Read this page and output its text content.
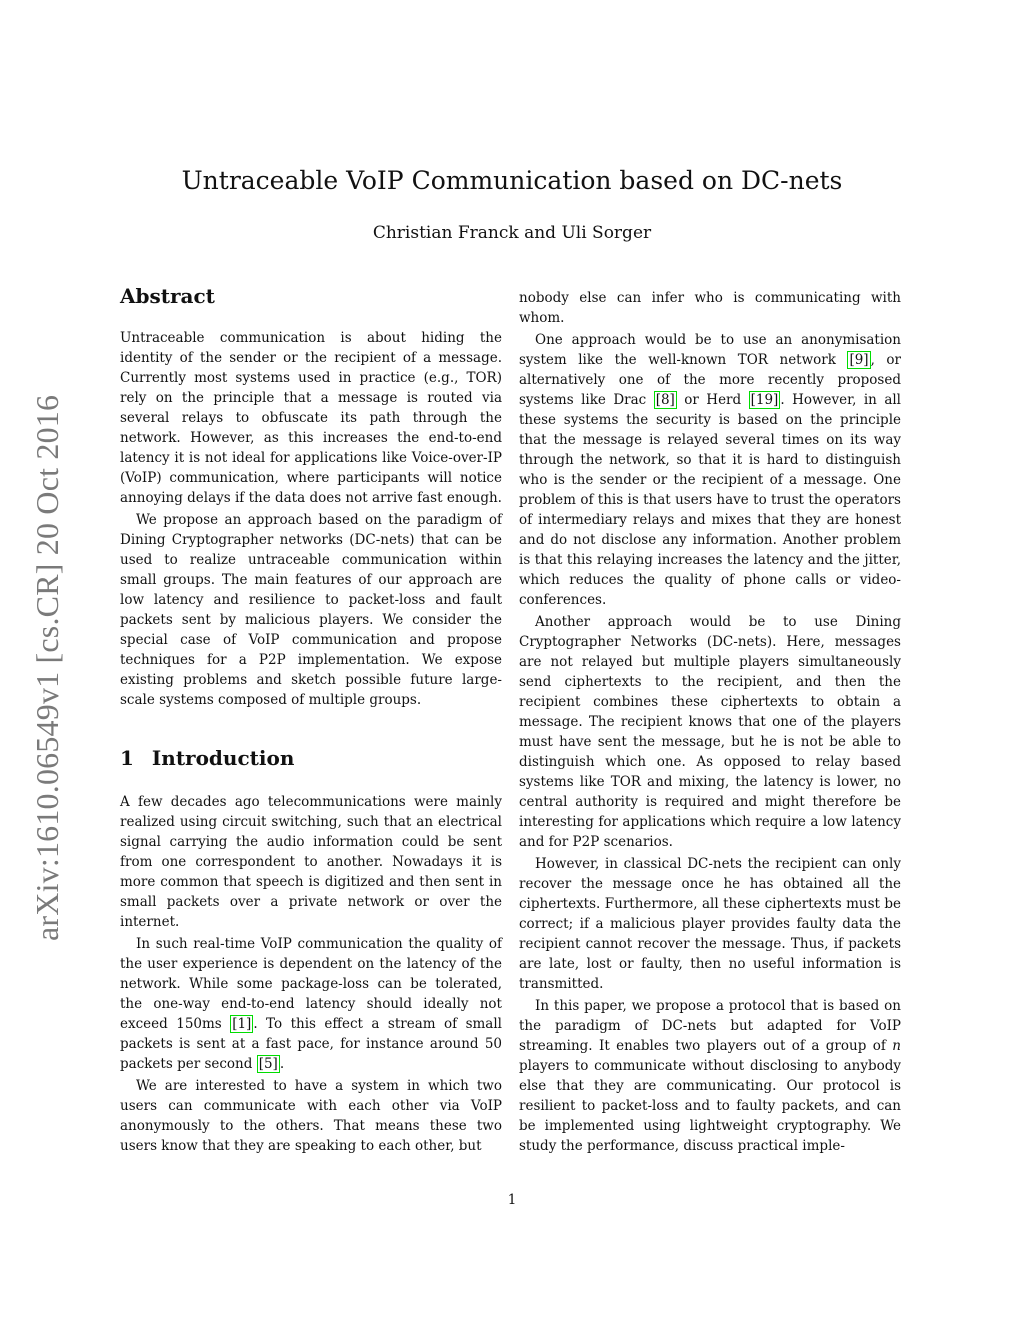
arXiv:1610.06549v1 [cs.CR] 20 Oct 2016
Untraceable VoIP Communication based on DC-nets
Christian Franck and Uli Sorger
Abstract

Untraceable communication is about hiding the identity of the sender or the recipient of a message. Currently most systems used in practice (e.g., TOR) rely on the principle that a message is routed via several relays to obfuscate its path through the network. However, as this increases the end-to-end latency it is not ideal for applications like Voice-over-IP (VoIP) communication, where participants will notice annoying delays if the data does not arrive fast enough.

We propose an approach based on the paradigm of Dining Cryptographer networks (DC-nets) that can be used to realize untraceable communication within small groups. The main features of our approach are low latency and resilience to packet-loss and fault packets sent by malicious players. We consider the special case of VoIP communication and propose techniques for a P2P implementation. We expose existing problems and sketch possible future large-scale systems composed of multiple groups.

1 Introduction

A few decades ago telecommunications were mainly realized using circuit switching, such that an electrical signal carrying the audio information could be sent from one correspondent to another. Nowadays it is more common that speech is digitized and then sent in small packets over a private network or over the internet.

In such real-time VoIP communication the quality of the user experience is dependent on the latency of the network. While some package-loss can be tolerated, the one-way end-to-end latency should ideally not exceed 150ms [1] . To this effect a stream of small packets is sent at a fast pace, for instance around 50 packets per second [5] .

We are interested to have a system in which two users can communicate with each other via VoIP anonymously to the others. That means these two users know that they are speaking to each other, but

nobody else can infer who is communicating with whom.

One approach would be to use an anonymisation system like the well-known TOR network [9] , or alternatively one of the more recently proposed systems like Drac [8] or Herd [19] . However, in all these systems the security is based on the principle that the message is relayed several times on its way through the network, so that it is hard to distinguish who is the sender or the recipient of a message. One problem of this is that users have to trust the operators of intermediary relays and mixes that they are honest and do not disclose any information. Another problem is that this relaying increases the latency and the jitter, which reduces the quality of phone calls or video-conferences.

Another approach would be to use Dining Cryptographer Networks (DC-nets). Here, messages are not relayed but multiple players simultaneously send ciphertexts to the recipient, and then the recipient combines these ciphertexts to obtain a message. The recipient knows that one of the players must have sent the message, but he is not be able to distinguish which one. As opposed to relay based systems like TOR and mixing, the latency is lower, no central authority is required and might therefore be interesting for applications which require a low latency and for P2P scenarios.

However, in classical DC-nets the recipient can only recover the message once he has obtained all the ciphertexts. Furthermore, all these ciphertexts must be correct; if a malicious player provides faulty data the recipient cannot recover the message. Thus, if packets are late, lost or faulty, then no useful information is transmitted.

In this paper, we propose a protocol that is based on the paradigm of DC-nets but adapted for VoIP streaming. It enables two players out of a group of n players to communicate without disclosing to anybody else that they are communicating. Our protocol is resilient to packet-loss and to faulty packets, and can be implemented using lightweight cryptography. We study the performance, discuss practical imple-

1
